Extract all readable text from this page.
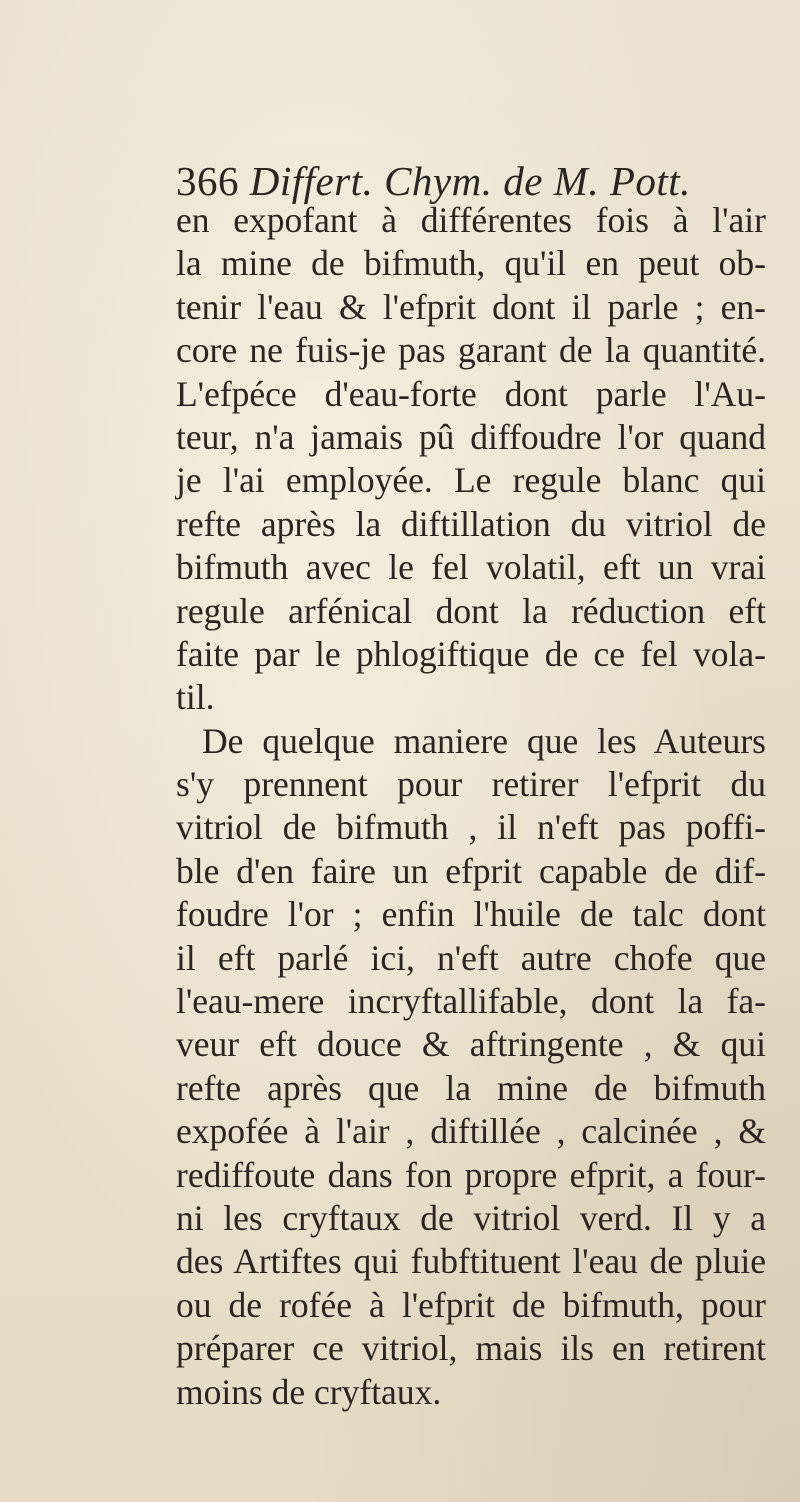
366 Differt. Chym. de M. Pott.
en expofant à différentes fois à l'air
la mine de bifmuth, qu'il en peut ob-
tenir l'eau & l'efprit dont il parle ; en-
core ne fuis-je pas garant de la quantité.
L'efpéce d'eau-forte dont parle l'Au-
teur, n'a jamais pû diffoudre l'or quand
je l'ai employée. Le regule blanc qui
refte après la diftillation du vitriol de
bifmuth avec le fel volatil, eft un vrai
regule arfénical dont la réduction eft
faite par le phlogiftique de ce fel vola-
til.
De quelque maniere que les Auteurs
s'y prennent pour retirer l'efprit du
vitriol de bifmuth , il n'eft pas poffi-
ble d'en faire un efprit capable de dif-
foudre l'or ; enfin l'huile de talc dont
il eft parlé ici, n'eft autre chofe que
l'eau-mere incryftallifable, dont la fa-
veur eft douce & aftringente , & qui
refte après que la mine de bifmuth
expofée à l'air , diftillée , calcinée , &
rediffoute dans fon propre efprit, a four-
ni les cryftaux de vitriol verd. Il y a
des Artiftes qui fubftituent l'eau de pluie
ou de rofée à l'efprit de bifmuth, pour
préparer ce vitriol, mais ils en retirent
moins de cryftaux.
